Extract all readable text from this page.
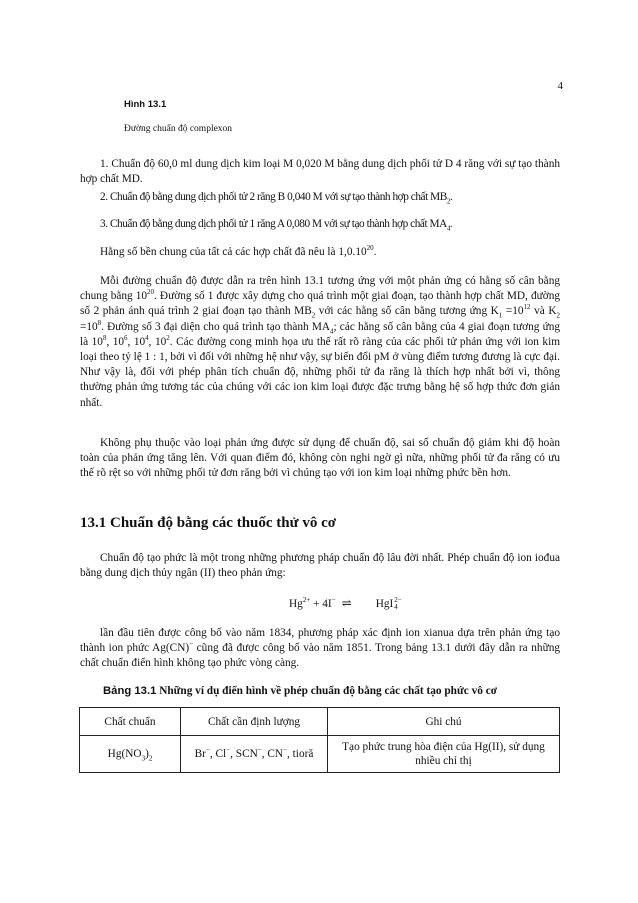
4
Hình 13.1
Đường chuẩn độ complexon

1. Chuẩn độ 60,0 ml dung dịch kim loại M 0,020 M bằng dung dịch phối tử D 4 răng với sự tạo thành hợp chất MD.

2. Chuẩn độ bằng dung dịch phối tử 2 răng B 0,040 M với sự tạo thành hợp chất $MB_2$.
3. Chuẩn độ bằng dung dịch phối tử 1 răng A 0,080 M với sự tạo thành hợp chất $MA_4$.
Hằng số bền chung của tất cả các hợp chất đã nêu là 1,0.10$^{20}$.

Mỗi đường chuẩn độ được dẫn ra trên hình 13.1 tương ứng với một phản ứng có hằng số cân bằng chung bằng $10^{20}$. Đường số 1 được xây dựng cho quá trình một giai đoạn, tạo thành hợp chất MD, đường số 2 phản ánh quá trình 2 giai đoạn tạo thành $MB_2$ với các hằng số cân bằng tương ứng $K_1 =10^{12}$ và $K_2 =10^8$. Đường số 3 đại diện cho quá trình tạo thành $MA_4$; các hằng số cân bằng của 4 giai đoạn tương ứng là $10^8$, $10^6$, $10^4$, $10^2$. Các đường cong minh họa ưu thế rất rõ ràng của các phối tử phản ứng với ion kim loại theo tỷ lệ 1 : 1, bởi vì đối với những hệ như vậy, sự biến đổi pM ở vùng điểm tương đương là cực đại. Như vậy là, đối với phép phân tích chuẩn độ, những phối tử đa răng là thích hợp nhất bởi vì, thông thường phản ứng tương tác của chúng với các ion kim loại được đặc trưng bằng hệ số hợp thức đơn giản nhất.

Không phụ thuộc vào loại phản ứng được sử dụng để chuẩn độ, sai số chuẩn độ giảm khi độ hoàn toàn của phản ứng tăng lên. Với quan điểm đó, không còn nghi ngờ gì nữa, những phối tử đa răng có ưu thế rõ rệt so với những phối tử đơn răng bởi vì chúng tạo với ion kim loại những phức bền hơn.

13.1 Chuẩn độ bằng các thuốc thử vô cơ

Chuẩn độ tạo phức là một trong những phương pháp chuẩn độ lâu đời nhất. Phép chuẩn độ ion iođua bằng dung dịch thủy ngân (II) theo phản ứng:

$Hg^{2+} + 4I^-$ ⇌ HgI 2−
4

lần đầu tiên được công bố vào năm 1834, phương pháp xác định ion xianua dựa trên phản ứng tạo thành ion phức Ag(CN)− cũng đã được công bố vào năm 1851. Trong bảng 13.1 dưới đây dẫn ra những chất chuẩn điển hình không tạo phức vòng càng.

Bảng 13.1 Những ví dụ điển hình về phép chuẩn độ bằng các chất tạo phức vô cơ
Chất chuẩn	Chất cần định lượng	Ghi chú
$Hg(NO_3)_2$	Br−, Cl−, SCN−, CN−, tioră	Tạo phức trung hòa điện của Hg(II), sử dụng nhiều chỉ thị
